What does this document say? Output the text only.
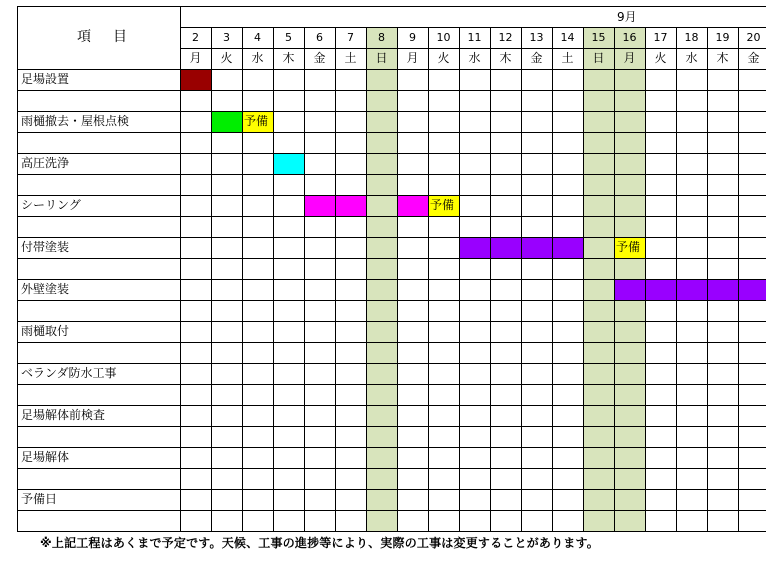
予備
予備
予備
項　目
9月
2
月
3
火
4
水
5
木
6
金
7
土
8
日
9
月
10
火
11
水
12
木
13
金
14
土
15
日
16
月
17
火
18
水
19
木
20
金
足場設置
雨樋撤去・屋根点検
高圧洗浄
シーリング
付帯塗装
外壁塗装
雨樋取付
ベランダ防水工事
足場解体前検査
足場解体
予備日
※上記工程はあくまで予定です。天候、工事の進捗等により、実際の工事は変更することがあります。
